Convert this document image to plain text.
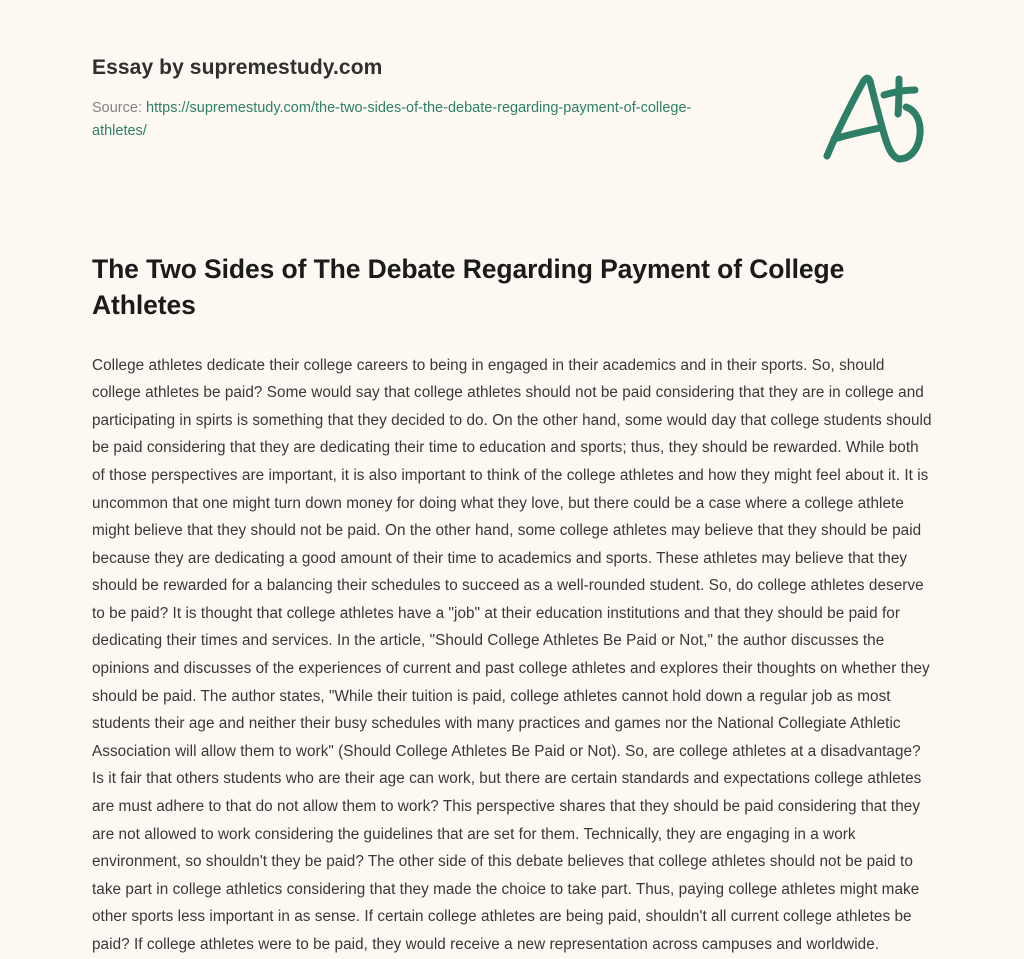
Essay by supremestudy.com
Source: https://supremestudy.com/the-two-sides-of-the-debate-regarding-payment-of-college-athletes/
The Two Sides of The Debate Regarding Payment of College Athletes

College athletes dedicate their college careers to being in engaged in their academics and in their sports. So, should college athletes be paid? Some would say that college athletes should not be paid considering that they are in college and participating in spirts is something that they decided to do. On the other hand, some would day that college students should be paid considering that they are dedicating their time to education and sports; thus, they should be rewarded. While both of those perspectives are important, it is also important to think of the college athletes and how they might feel about it. It is uncommon that one might turn down money for doing what they love, but there could be a case where a college athlete might believe that they should not be paid. On the other hand, some college athletes may believe that they should be paid because they are dedicating a good amount of their time to academics and sports. These athletes may believe that they should be rewarded for a balancing their schedules to succeed as a well-rounded student. So, do college athletes deserve to be paid? It is thought that college athletes have a "job" at their education institutions and that they should be paid for dedicating their times and services. In the article, "Should College Athletes Be Paid or Not," the author discusses the opinions and discusses of the experiences of current and past college athletes and explores their thoughts on whether they should be paid. The author states, "While their tuition is paid, college athletes cannot hold down a regular job as most students their age and neither their busy schedules with many practices and games nor the National Collegiate Athletic Association will allow them to work" (Should College Athletes Be Paid or Not). So, are college athletes at a disadvantage? Is it fair that others students who are their age can work, but there are certain standards and expectations college athletes are must adhere to that do not allow them to work? This perspective shares that they should be paid considering that they are not allowed to work considering the guidelines that are set for them. Technically, they are engaging in a work environment, so shouldn't they be paid? The other side of this debate believes that college athletes should not be paid to take part in college athletics considering that they made the choice to take part. Thus, paying college athletes might make other sports less important in as sense. If certain college athletes are being paid, shouldn't all current college athletes be paid? If college athletes were to be paid, they would receive a new representation across campuses and worldwide.
